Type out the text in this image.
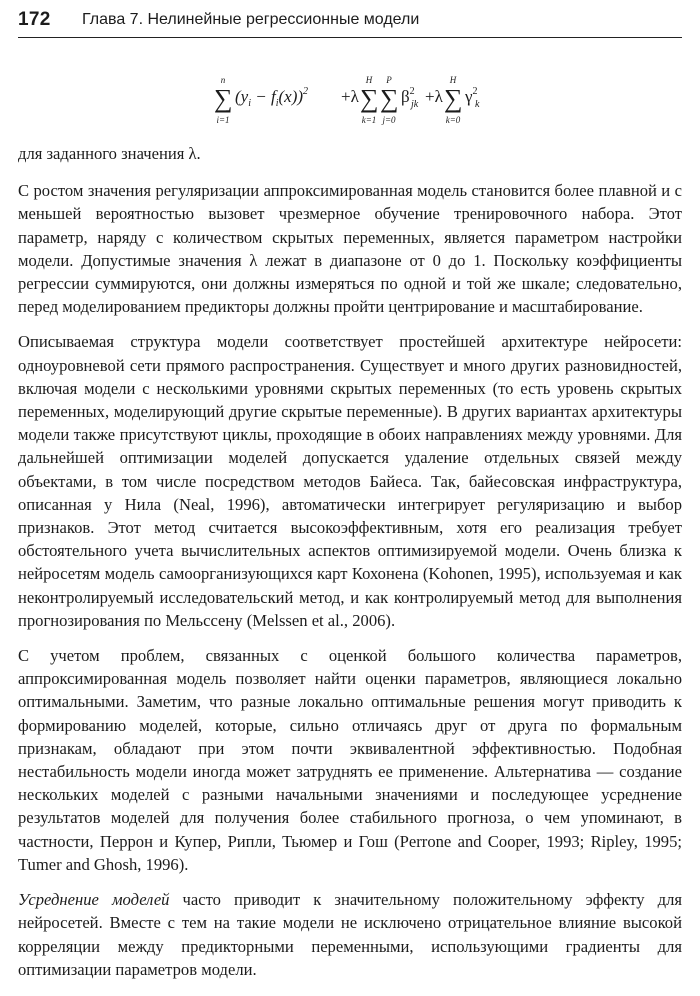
172 Глава 7. Нелинейные регрессионные модели
n
∑
i=1
$(y_i - f_i(x))^2 +\lambda$
H
∑
k=1
P
∑
j=0
$\beta^2$
jk +λ
H
∑
k=0
$\gamma^2$
k

для заданного значения λ.

С ростом значения регуляризации аппроксимированная модель становится более плавной и с меньшей вероятностью вызовет чрезмерное обучение тренировочного набора. Этот параметр, наряду с количеством скрытых переменных, является параметром настройки модели. Допустимые значения λ лежат в диапазоне от 0 до 1. Поскольку коэффициенты регрессии суммируются, они должны измеряться по одной и той же шкале; следовательно, перед моделированием предикторы должны пройти центрирование и масштабирование.

Описываемая структура модели соответствует простейшей архитектуре нейросети: одноуровневой сети прямого распространения. Существует и много других разновидностей, включая модели с несколькими уровнями скрытых переменных (то есть уровень скрытых переменных, моделирующий другие скрытые переменные). В других вариантах архитектуры модели также присутствуют циклы, проходящие в обоих направлениях между уровнями. Для дальнейшей оптимизации моделей допускается удаление отдельных связей между объектами, в том числе посредством методов Байеса. Так, байесовская инфраструктура, описанная у Нила (Neal, 1996), автоматически интегрирует регуляризацию и выбор признаков. Этот метод считается высокоэффективным, хотя его реализация требует обстоятельного учета вычислительных аспектов оптимизируемой модели. Очень близка к нейросетям модель самоорганизующихся карт Кохонена (Kohonen, 1995), используемая и как неконтролируемый исследовательский метод, и как контролируемый метод для выполнения прогнозирования по Мельссену (Melssen et al., 2006).

С учетом проблем, связанных с оценкой большого количества параметров, аппроксимированная модель позволяет найти оценки параметров, являющиеся локально оптимальными. Заметим, что разные локально оптимальные решения могут приводить к формированию моделей, которые, сильно отличаясь друг от друга по формальным признакам, обладают при этом почти эквивалентной эффективностью. Подобная нестабильность модели иногда может затруднять ее применение. Альтернатива — создание нескольких моделей с разными начальными значениями и последующее усреднение результатов моделей для получения более стабильного прогноза, о чем упоминают, в частности, Перрон и Купер, Рипли, Тьюмер и Гош (Perrone and Cooper, 1993; Ripley, 1995; Tumer and Ghosh, 1996).

Усреднение моделей часто приводит к значительному положительному эффекту для нейросетей. Вместе с тем на такие модели не исключено отрицательное влияние высокой корреляции между предикторными переменными, использующими градиенты для оптимизации параметров модели.
